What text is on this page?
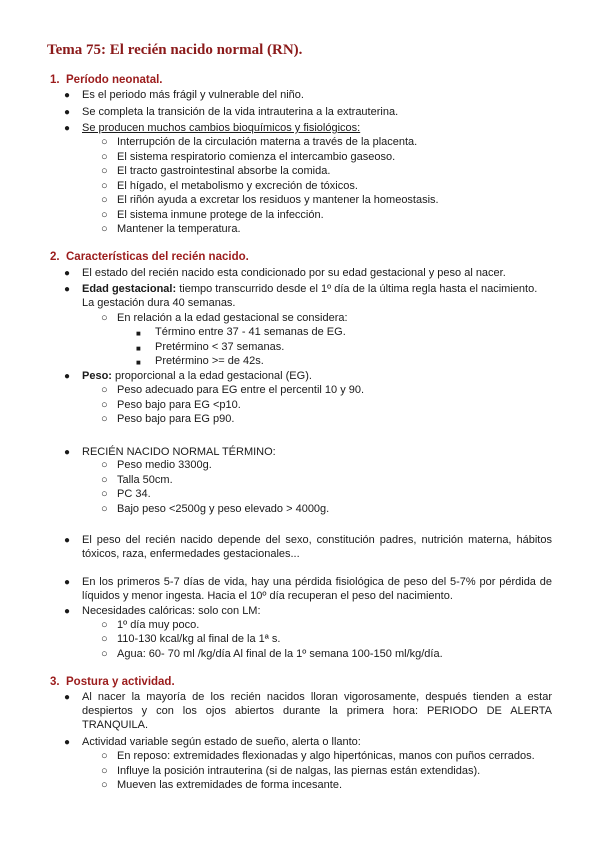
Tema 75: El recién nacido normal (RN).
1. Período neonatal.
● Es el periodo más frágil y vulnerable del niño.
● Se completa la transición de la vida intrauterina a la extrauterina.
● Se producen muchos cambios bioquímicos y fisiológicos:
○ Interrupción de la circulación materna a través de la placenta.
○ El sistema respiratorio comienza el intercambio gaseoso.
○ El tracto gastrointestinal absorbe la comida.
○ El hígado, el metabolismo y excreción de tóxicos.
○ El riñón ayuda a excretar los residuos y mantener la homeostasis.
○ El sistema inmune protege de la infección.
○ Mantener la temperatura.
2. Características del recién nacido.
● El estado del recién nacido esta condicionado por su edad gestacional y peso al nacer.
● Edad gestacional: tiempo transcurrido desde el 1º día de la última regla hasta el nacimiento.
La gestación dura 40 semanas.
○ En relación a la edad gestacional se considera:
■ Término entre 37 - 41 semanas de EG.
■ Pretérmino < 37 semanas.
■ Pretérmino >= de 42s.
● Peso: proporcional a la edad gestacional (EG).
○ Peso adecuado para EG entre el percentil 10 y 90.
○ Peso bajo para EG <p10.
○ Peso bajo para EG p90.
● RECIÉN NACIDO NORMAL TÉRMINO:
○ Peso medio 3300g.
○ Talla 50cm.
○ PC 34.
○ Bajo peso <2500g y peso elevado > 4000g.
● El peso del recién nacido depende del sexo, constitución padres, nutrición materna, hábitos
tóxicos, raza, enfermedades gestacionales...
● En los primeros 5-7 días de vida, hay una pérdida fisiológica de peso del 5-7% por pérdida de
líquidos y menor ingesta. Hacia el 10º día recuperan el peso del nacimiento.
● Necesidades calóricas: solo con LM:
○ 1º día muy poco.
○ 110-130 kcal/kg al final de la 1ª s.
○ Agua: 60- 70 ml /kg/día Al final de la 1º semana 100-150 ml/kg/día.
3. Postura y actividad.
● Al nacer la mayoría de los recién nacidos lloran vigorosamente, después tienden a estar
despiertos y con los ojos abiertos durante la primera hora: PERIODO DE ALERTA
TRANQUILA.
● Actividad variable según estado de sueño, alerta o llanto:
○ En reposo: extremidades flexionadas y algo hipertónicas, manos con puños cerrados.
○ Influye la posición intrauterina (si de nalgas, las piernas están extendidas).
○ Mueven las extremidades de forma incesante.
